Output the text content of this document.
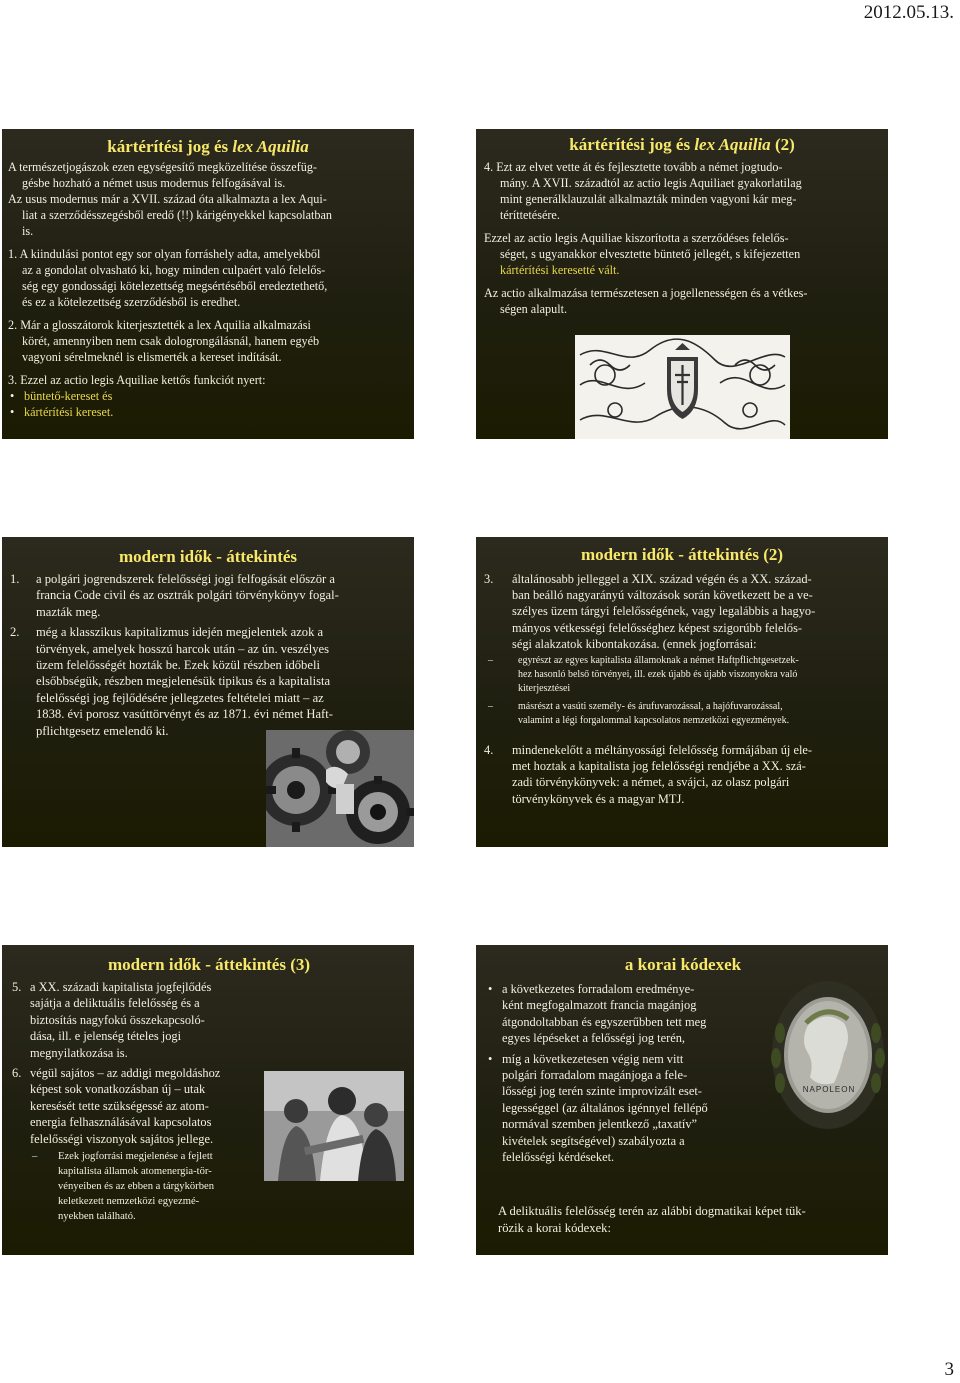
2012.05.13.
kártérítési jog és lex Aquilia
A természetjogászok ezen egységesítő megközelítése összefüg-
gésbe hozható a német usus modernus felfogásával is.
Az usus modernus már a XVII. század óta alkalmazta a lex Aqui-
liat a szerződésszegésből eredő (!!) kárigényekkel kapcsolatban
is.
1. A kiindulási pontot egy sor olyan forráshely adta, amelyekből
az a gondolat olvasható ki, hogy minden culpaért való felelős-
ség egy gondossági kötelezettség megsértéséből eredeztethető,
és ez a kötelezettség szerződésből is eredhet.
2. Már a glosszátorok kiterjesztették a lex Aquilia alkalmazási
körét, amennyiben nem csak dologrongálásnál, hanem egyéb
vagyoni sérelmeknél is elismerték a kereset indítását.
3. Ezzel az actio legis Aquiliae kettős funkciót nyert:
• büntető-kereset és
• kártérítési kereset.
kártérítési jog és lex Aquilia (2)
4. Ezt az elvet vette át és fejlesztette tovább a német jogtudo-
mány. A XVII. századtól az actio legis Aquiliaet gyakorlatilag
mint generálklauzulát alkalmazták minden vagyoni kár meg-
téríttetésére.
Ezzel az actio legis Aquiliae kiszorította a szerződéses felelős-
séget, s ugyanakkor elvesztette büntető jellegét, s kifejezetten
kártérítési keresetté vált.
Az actio alkalmazása természetesen a jogellenességen és a vétkes-
ségen alapult.
modern idők - áttekintés
1.	a polgári jogrendszerek felelősségi jogi felfogását először a
francia Code civil és az osztrák polgári törvénykönyv fogal-
mazták meg.
2.	még a klasszikus kapitalizmus idején megjelentek azok a
törvények, amelyek hosszú harcok után – az ún. veszélyes
üzem felelősségét hozták be. Ezek közül részben időbeli
elsőbbségük, részben megjelenésük tipikus és a kapitalista
felelősségi jog fejlődésére jellegzetes feltételei miatt – az
1838. évi porosz vasúttörvényt és az 1871. évi német Haft-
pflichtgesetz emelendő ki.
modern idők - áttekintés (2)
3.	általánosabb jelleggel a XIX. század végén és a XX. század-
ban beálló nagyarányú változások során következett be a ve-
szélyes üzem tárgyi felelősségének, vagy legalábbis a hagyo-
mányos vétkességi felelősséghez képest szigorúbb felelős-
ségi alakzatok kibontakozása. (ennek jogforrásai:
–	egyrészt az egyes kapitalista államoknak a német Haftpflichtgesetzek-
hez hasonló belső törvényei, ill. ezek újabb és újabb viszonyokra való
kiterjesztései
–	másrészt a vasúti személy- és árufuvarozással, a hajófuvarozással,
valamint a légi forgalommal kapcsolatos nemzetközi egyezmények.
4.	mindenekelőtt a méltányossági felelősség formájában új ele-
met hoztak a kapitalista jog felelősségi rendjébe a XX. szá-
zadi törvénykönyvek: a német, a svájci, az olasz polgári
törvénykönyvek és a magyar MTJ.
modern idők - áttekintés (3)
5. a XX. századi kapitalista jogfejlődés
sajátja a deliktuális felelősség és a
biztosítás nagyfokú összekapcsoló-
dása, ill. e jelenség tételes jogi megnyilatkozása is.
6. végül sajátos – az addigi megoldáshoz
képest sok vonatkozásban új – utak
keresését tette szükségessé az atom-
energia felhasználásával kapcsolatos
felelősségi viszonyok sajátos jellege.
–	Ezek jogforrási megjelenése a fejlett
kapitalista államok atomenergia-tör-
vényeiben és az ebben a tárgykörben
keletkezett nemzetközi egyezmé-
nyekben található.
a korai kódexek
• a következetes forradalom eredménye-
ként megfogalmazott francia magánjog
átgondoltabban és egyszerűbben tett meg
egyes lépéseket a felősségi jog terén,
• míg a következetesen végig nem vitt
polgári forradalom magánjoga a fele-
lősségi jog terén szinte improvizált eset-
legességgel (az általános igénnyel fellépő
normával szemben jelentkező „taxatív”
kivételek segítségével) szabályozta a
felelősségi kérdéseket.
A deliktuális felelősség terén az alábbi dogmatikai képet tük-
rözik a korai kódexek:
NAPOLEON
3
